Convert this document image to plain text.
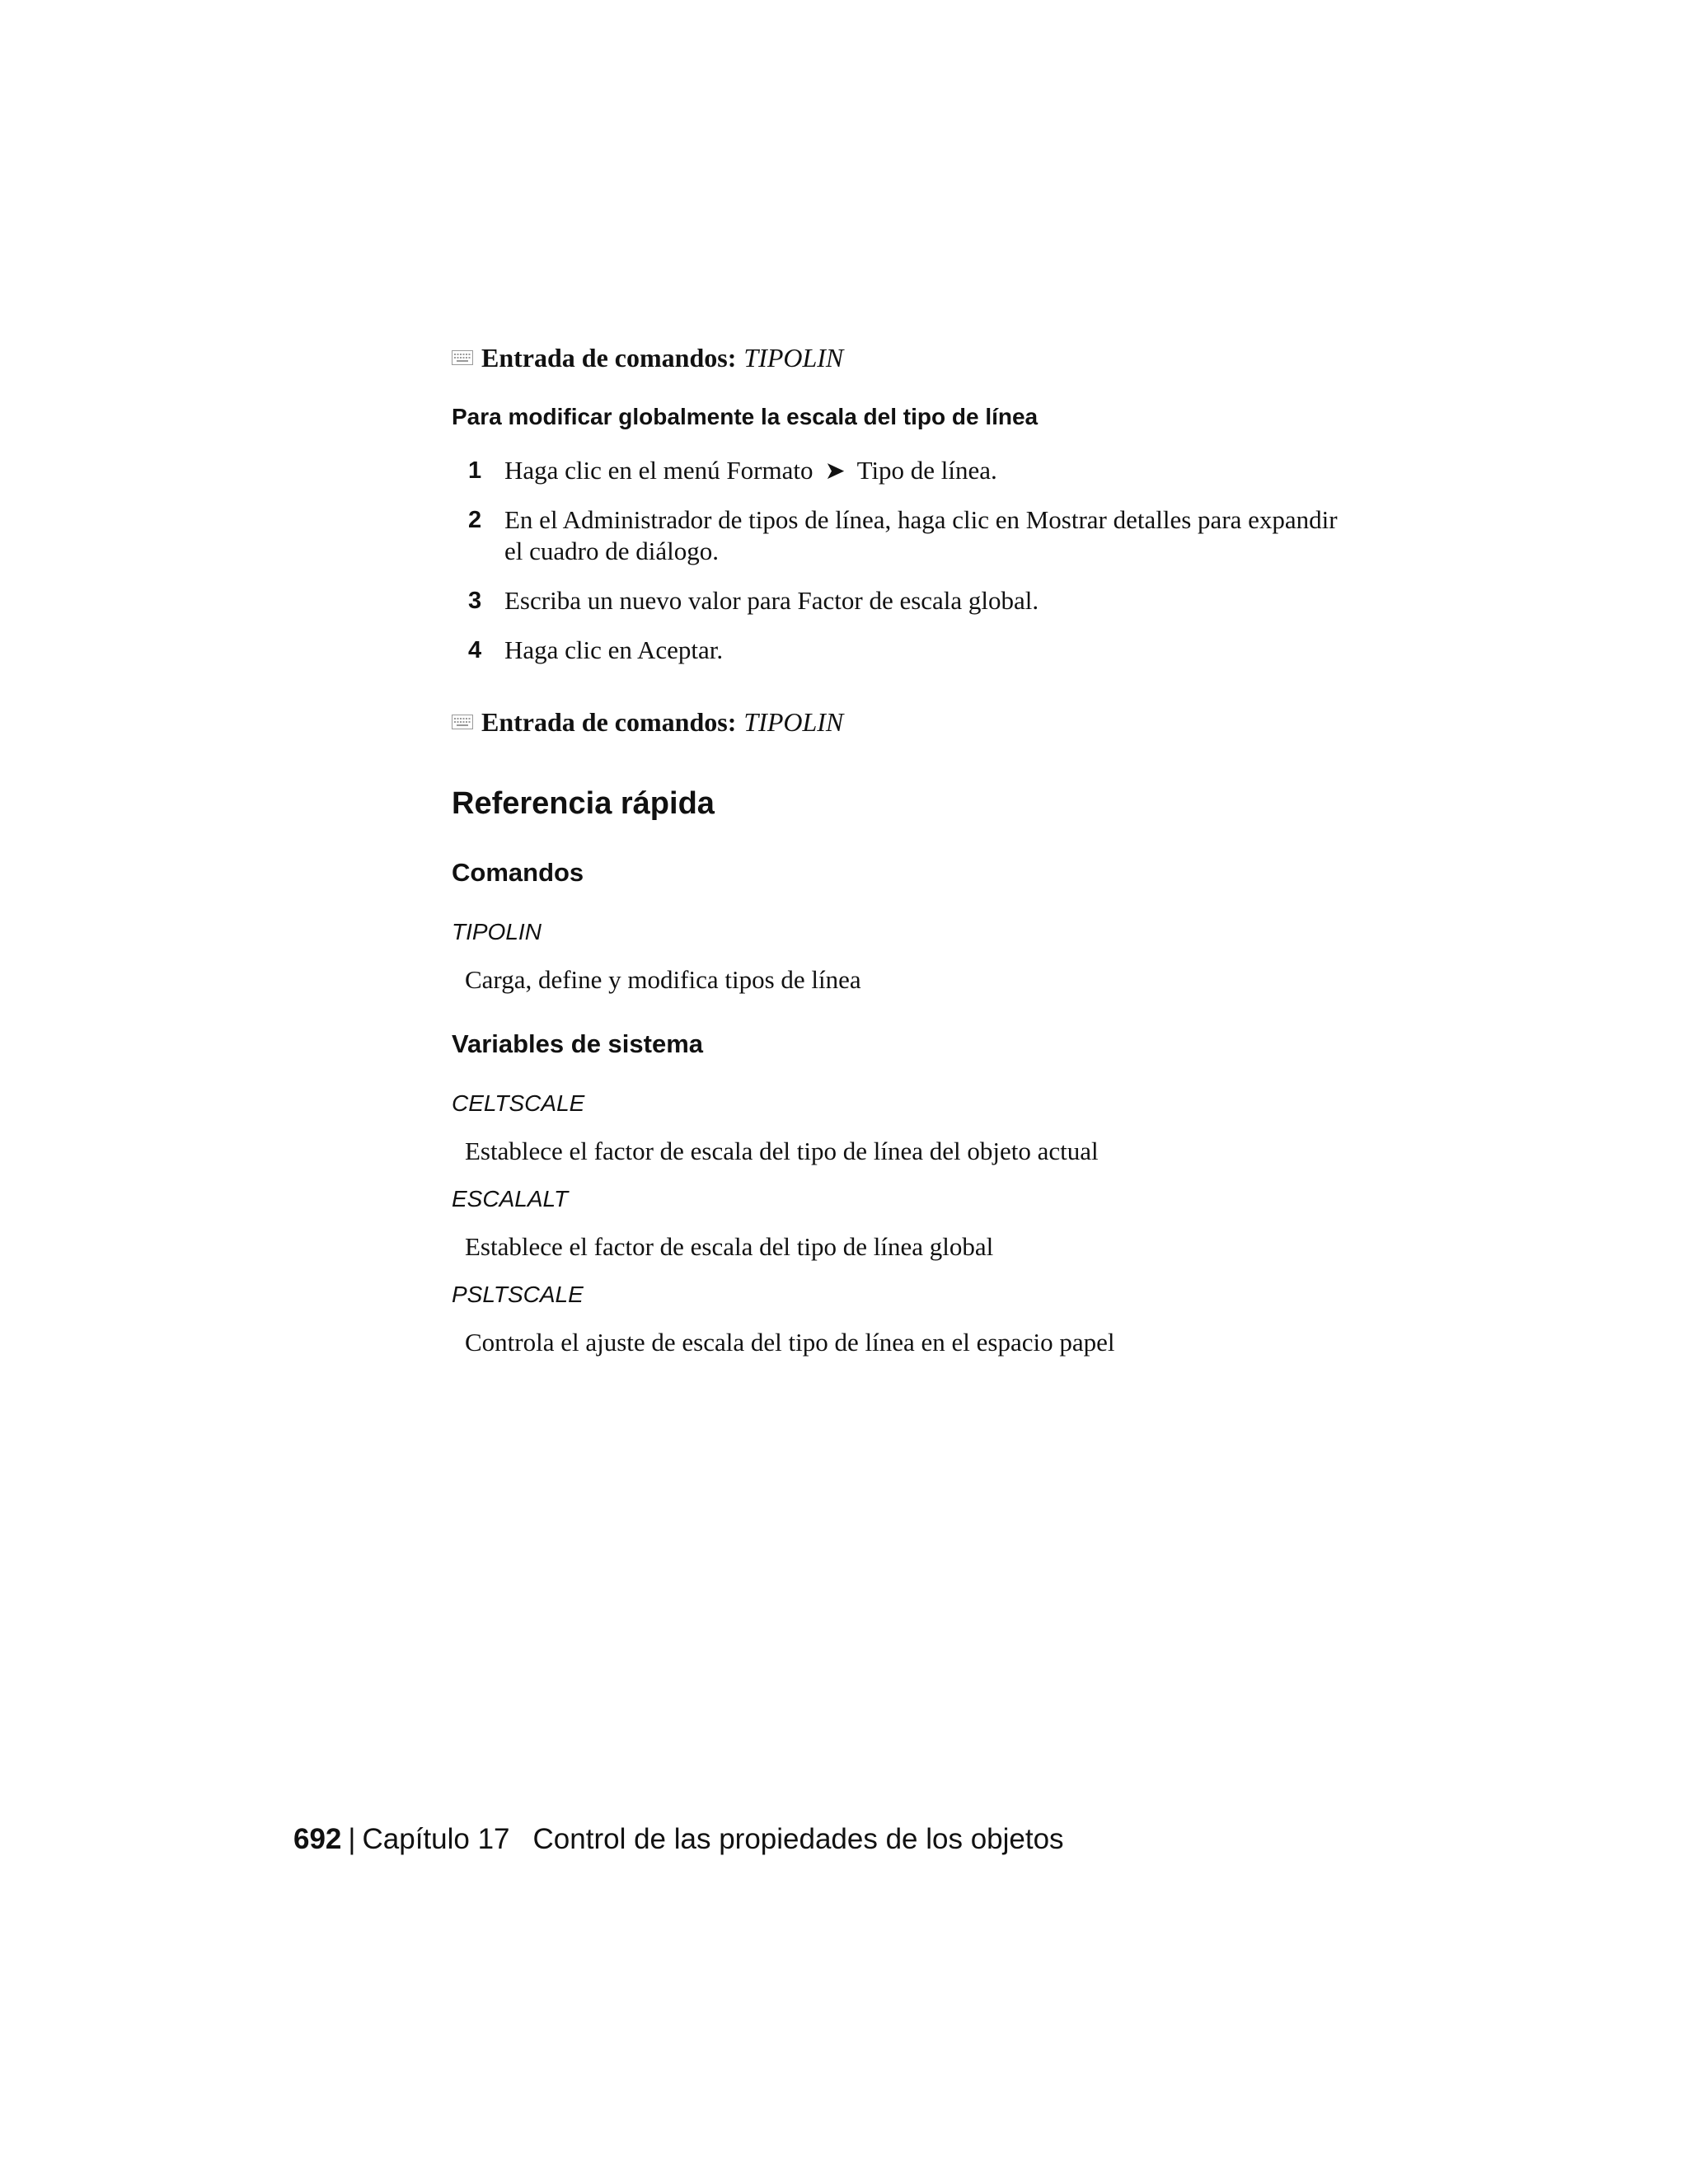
Entrada de comandos: TIPOLIN
Para modificar globalmente la escala del tipo de línea
1 Haga clic en el menú Formato ➤ Tipo de línea.
2 En el Administrador de tipos de línea, haga clic en Mostrar detalles para expandir el cuadro de diálogo.
3 Escriba un nuevo valor para Factor de escala global.
4 Haga clic en Aceptar.
Entrada de comandos: TIPOLIN
Referencia rápida
Comandos
TIPOLIN
Carga, define y modifica tipos de línea
Variables de sistema
CELTSCALE
Establece el factor de escala del tipo de línea del objeto actual
ESCALALT
Establece el factor de escala del tipo de línea global
PSLTSCALE
Controla el ajuste de escala del tipo de línea en el espacio papel
692 | Capítulo 17 Control de las propiedades de los objetos
